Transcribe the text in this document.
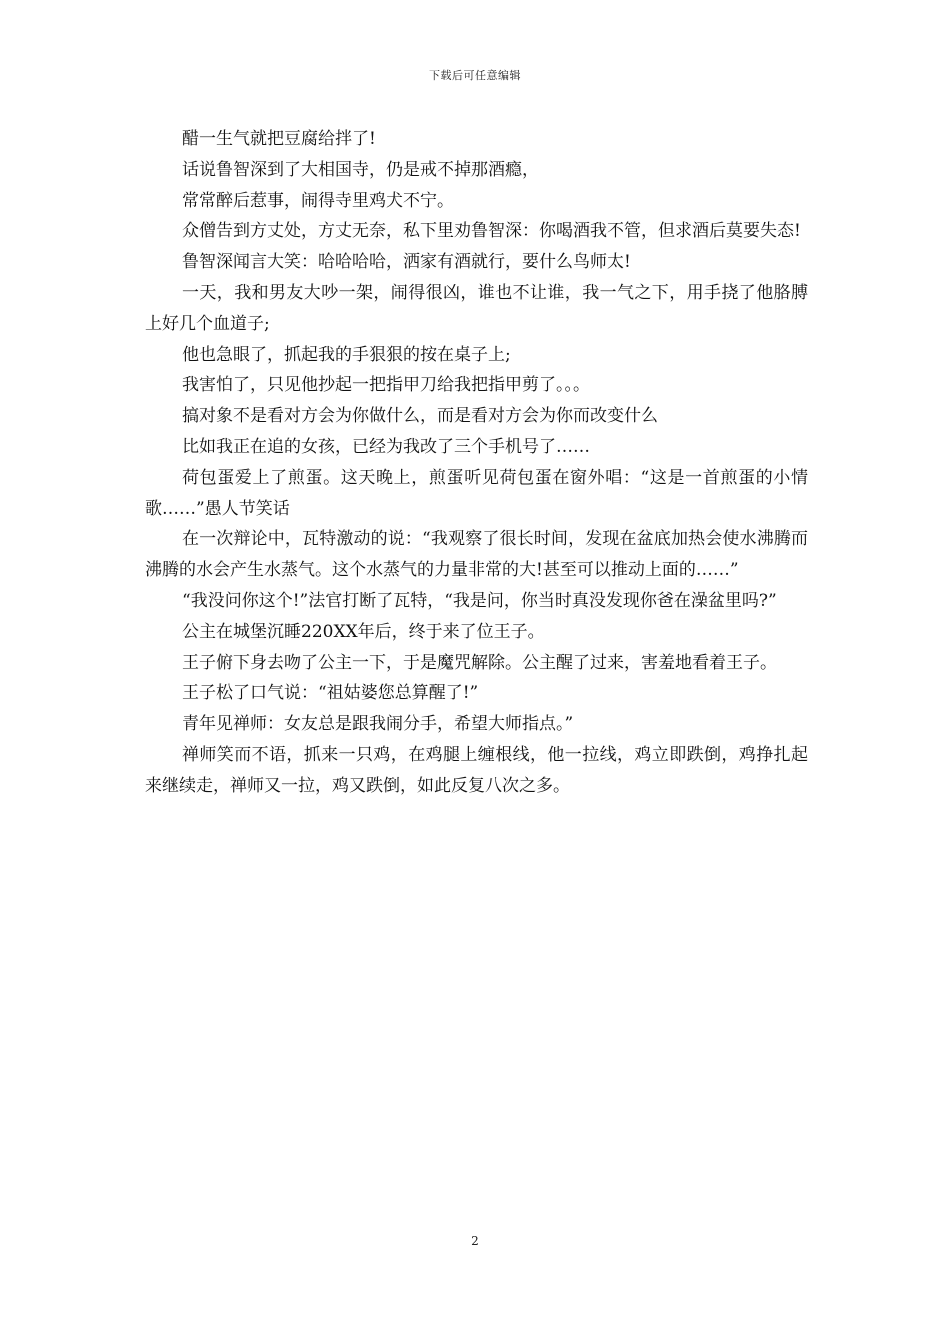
下载后可任意编辑

醋一生气就把豆腐给拌了!

话说鲁智深到了大相国寺，仍是戒不掉那酒瘾，

常常醉后惹事，闹得寺里鸡犬不宁。

众僧告到方丈处，方丈无奈，私下里劝鲁智深：你喝酒我不管，但求酒后莫要失态!

鲁智深闻言大笑：哈哈哈哈，洒家有酒就行，要什么鸟师太!

一天，我和男友大吵一架，闹得很凶，谁也不让谁，我一气之下，用手挠了他胳膊上好几个血道子;

他也急眼了，抓起我的手狠狠的按在桌子上;

我害怕了，只见他抄起一把指甲刀给我把指甲剪了。。。

搞对象不是看对方会为你做什么，而是看对方会为你而改变什么

比如我正在追的女孩，已经为我改了三个手机号了……

荷包蛋爱上了煎蛋。这天晚上，煎蛋听见荷包蛋在窗外唱：“这是一首煎蛋的小情歌……”愚人节笑话

在一次辩论中，瓦特激动的说：“我观察了很长时间，发现在盆底加热会使水沸腾而沸腾的水会产生水蒸气。这个水蒸气的力量非常的大!甚至可以推动上面的……”

“我没问你这个!”法官打断了瓦特，“我是问，你当时真没发现你爸在澡盆里吗?”

公主在城堡沉睡220XX年后，终于来了位王子。

王子俯下身去吻了公主一下，于是魔咒解除。公主醒了过来，害羞地看着王子。

王子松了口气说：“祖姑婆您总算醒了!”

青年见禅师：女友总是跟我闹分手，希望大师指点。”

禅师笑而不语，抓来一只鸡，在鸡腿上缠根线，他一拉线，鸡立即跌倒，鸡挣扎起来继续走，禅师又一拉，鸡又跌倒，如此反复八次之多。

2
